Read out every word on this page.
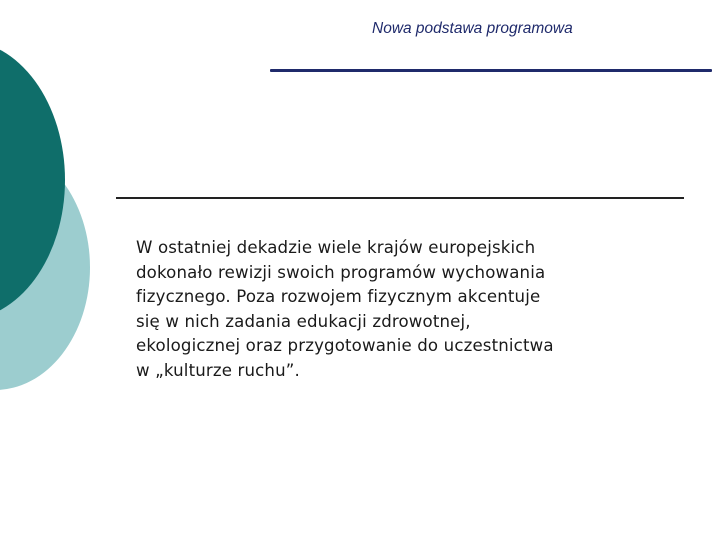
Nowa podstawa programowa

W ostatniej dekadzie wiele krajów europejskich
dokonało rewizji swoich programów wychowania
fizycznego. Poza rozwojem fizycznym akcentuje
się w nich zadania edukacji zdrowotnej,
ekologicznej oraz przygotowanie do uczestnictwa
w „kulturze ruchu”.
